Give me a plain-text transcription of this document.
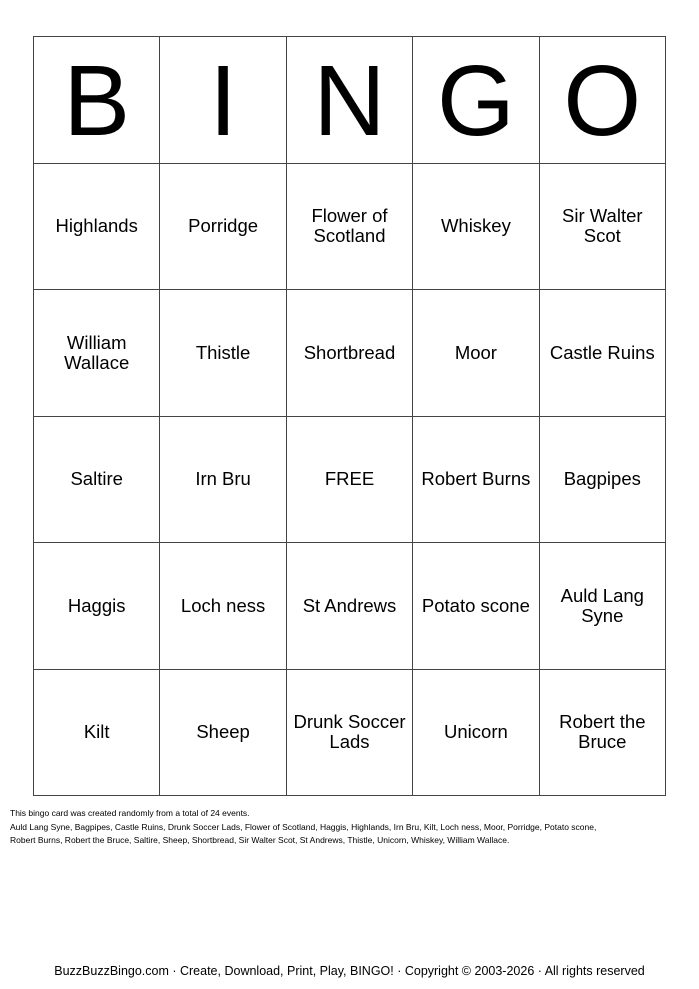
B I N G O
Highlands	Porridge	Flower of Scotland	Whiskey	Sir Walter Scot
William Wallace	Thistle	Shortbread	Moor	Castle Ruins
Saltire	Irn Bru	FREE	Robert Burns	Bagpipes
Haggis	Loch ness	St Andrews	Potato scone	Auld Lang Syne
Kilt	Sheep	Drunk Soccer Lads	Unicorn	Robert the Bruce
This bingo card was created randomly from a total of 24 events.
Auld Lang Syne, Bagpipes, Castle Ruins, Drunk Soccer Lads, Flower of Scotland, Haggis, Highlands, Irn Bru, Kilt, Loch ness, Moor, Porridge, Potato scone,
Robert Burns, Robert the Bruce, Saltire, Sheep, Shortbread, Sir Walter Scot, St Andrews, Thistle, Unicorn, Whiskey, William Wallace.
BuzzBuzzBingo.com · Create, Download, Print, Play, BINGO! · Copyright © 2003-2026 · All rights reserved
